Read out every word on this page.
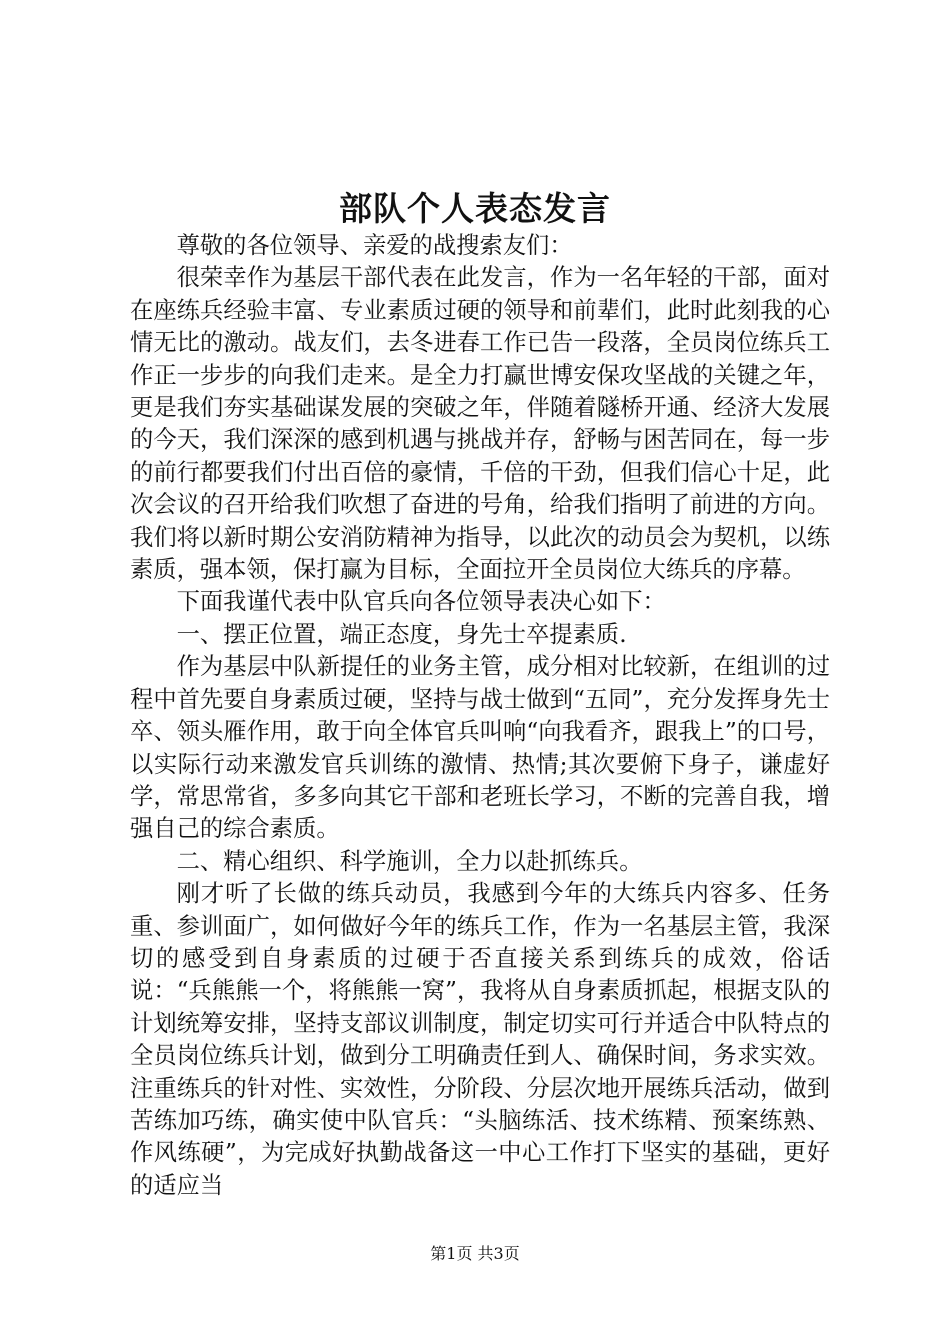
部队个人表态发言

尊敬的各位领导、亲爱的战搜索友们：

很荣幸作为基层干部代表在此发言，作为一名年轻的干部，面对在座练兵经验丰富、专业素质过硬的领导和前辈们，此时此刻我的心情无比的激动。战友们，去冬进春工作已告一段落，全员岗位练兵工作正一步步的向我们走来。是全力打赢世博安保攻坚战的关键之年，更是我们夯实基础谋发展的突破之年，伴随着隧桥开通、经济大发展的今天，我们深深的感到机遇与挑战并存，舒畅与困苦同在，每一步的前行都要我们付出百倍的豪情，千倍的干劲，但我们信心十足，此次会议的召开给我们吹想了奋进的号角，给我们指明了前进的方向。我们将以新时期公安消防精神为指导，以此次的动员会为契机，以练素质，强本领，保打赢为目标，全面拉开全员岗位大练兵的序幕。

下面我谨代表中队官兵向各位领导表决心如下：

一、摆正位置，端正态度，身先士卒提素质.

作为基层中队新提任的业务主管，成分相对比较新，在组训的过程中首先要自身素质过硬，坚持与战士做到“五同”，充分发挥身先士卒、领头雁作用，敢于向全体官兵叫响“向我看齐，跟我上”的口号，以实际行动来激发官兵训练的激情、热情;其次要俯下身子，谦虚好学，常思常省，多多向其它干部和老班长学习，不断的完善自我，增强自己的综合素质。

二、精心组织、科学施训，全力以赴抓练兵。

刚才听了长做的练兵动员，我感到今年的大练兵内容多、任务重、参训面广，如何做好今年的练兵工作，作为一名基层主管，我深切的感受到自身素质的过硬于否直接关系到练兵的成效，俗话说：“兵熊熊一个，将熊熊一窝”，我将从自身素质抓起，根据支队的计划统筹安排，坚持支部议训制度，制定切实可行并适合中队特点的全员岗位练兵计划，做到分工明确责任到人、确保时间，务求实效。注重练兵的针对性、实效性，分阶段、分层次地开展练兵活动，做到苦练加巧练，确实使中队官兵：“头脑练活、技术练精、预案练熟、作风练硬”，为完成好执勤战备这一中心工作打下坚实的基础，更好的适应当

第1页 共3页
